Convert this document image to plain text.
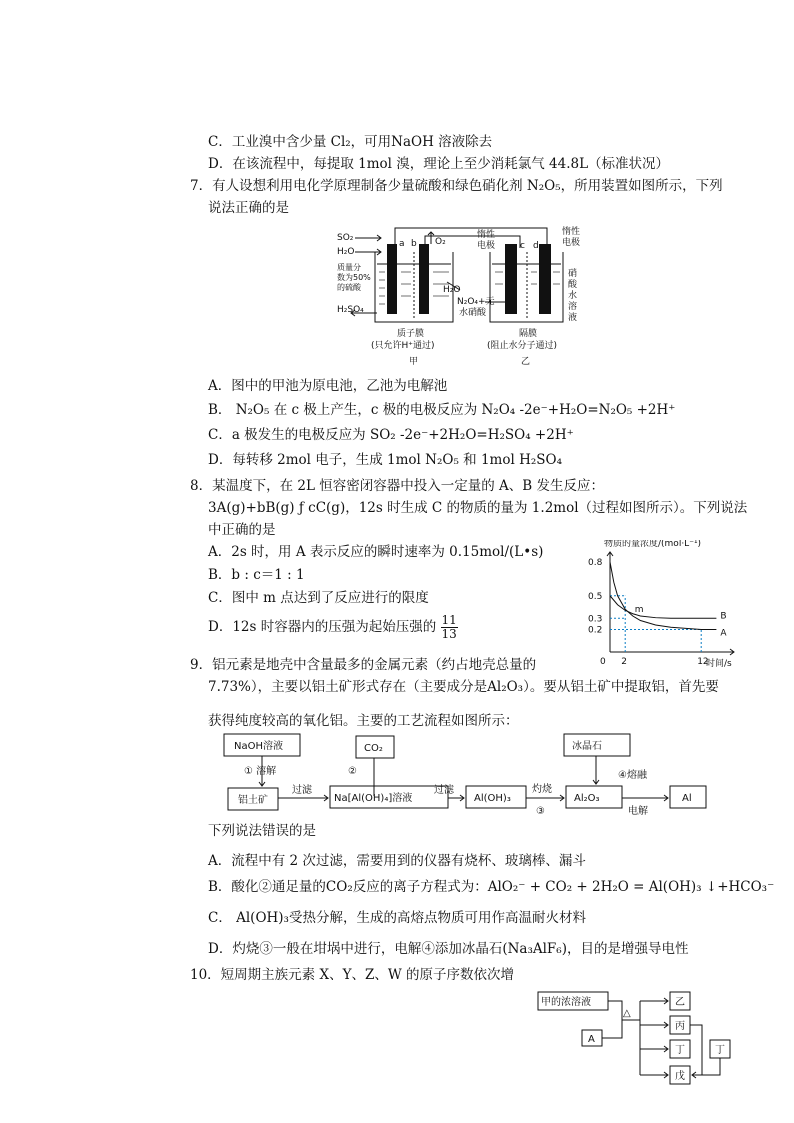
C．工业溴中含少量 Cl₂，可用NaOH 溶液除去
D．在该流程中，每提取 1mol 溴，理论上至少消耗氯气 44.8L（标准状况）
7．有人设想利用电化学原理制备少量硫酸和绿色硝化剂 N₂O₅，所用装置如图所示，下列
说法正确的是
SO₂
H₂O
a b O₂
质量分
数为50%
的硫酸	H₂O
H₂SO₄
惰性
电极	c d
惰性
电极
硝
酸
水
溶
液
N₂O₄+无
水硝酸
质子膜
(只允许H⁺通过)
甲
隔膜
(阻止水分子通过)
乙
A．图中的甲池为原电池，乙池为电解池
B． N₂O₅ 在 c 极上产生，c 极的电极反应为 N₂O₄ -2e⁻+H₂O=N₂O₅ +2H⁺
C．a 极发生的电极反应为 SO₂ -2e⁻+2H₂O=H₂SO₄ +2H⁺
D．每转移 2mol 电子，生成 1mol N₂O₅ 和 1mol H₂SO₄
8．某温度下，在 2L 恒容密闭容器中投入一定量的 A、B 发生反应：
3A(g)+bB(g) ƒ cC(g)，12s 时生成 C 的物质的量为 1.2mol（过程如图所示）。下列说法
中正确的是
A．2s 时，用 A 表示反应的瞬时速率为 0.15mol/(L•s)
B．b : c＝1 : 1
C．图中 m 点达到了反应进行的限度
D．12s 时容器内的压强为起始压强的 $\frac{11}{13}$
物质的量浓度/(mol·L⁻¹)
时间/s
0
0.8
0.5
0.3
0.2
2	12
B
A
m
9．铝元素是地壳中含量最多的金属元素（约占地壳总量的
7.73%），主要以铝土矿形式存在（主要成分是Al₂O₃）。要从铝土矿中提取铝，首先要
获得纯度较高的氧化铝。主要的工艺流程如图所示：
NaOH溶液
① 溶解
CO₂
②
铝土矿
过滤
Na[Al(OH)₄]溶液
过滤
Al(OH)₃
灼烧
③
Al₂O₃
冰晶石
④熔融
电解
Al
下列说法错误的是
A．流程中有 2 次过滤，需要用到的仪器有烧杯、玻璃棒、漏斗
B．酸化②通足量的CO₂反应的离子方程式为：AlO₂⁻ + CO₂ + 2H₂O = Al(OH)₃ ↓+HCO₃⁻
C． Al(OH)₃受热分解，生成的高熔点物质可用作高温耐火材料
D．灼烧③一般在坩埚中进行，电解④添加冰晶石(Na₃AlF₆)，目的是增强导电性
10．短周期主族元素 X、Y、Z、W 的原子序数依次增
甲的浓溶液
A
△
乙
丙
丁
戊
丁
